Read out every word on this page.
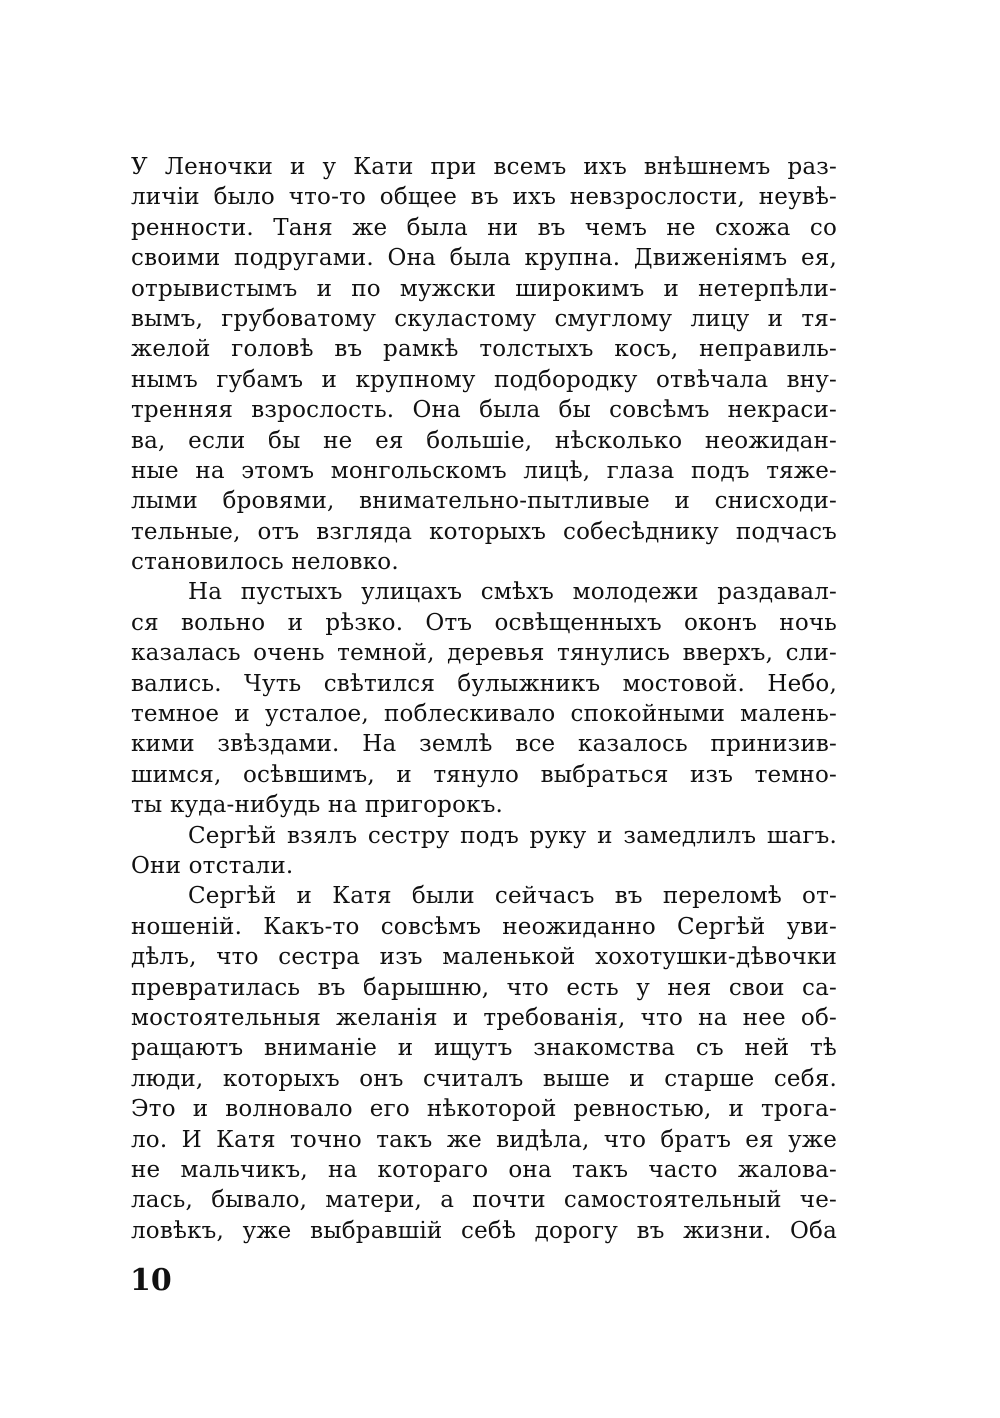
У Леночки и у Кати при всемъ ихъ внѣшнемъ раз-
личіи было что-то общее въ ихъ невзрослости, неувѣ-
ренности. Таня же была ни въ чемъ не схожа со
своими подругами. Она была крупна. Движеніямъ ея,
отрывистымъ и по мужски широкимъ и нетерпѣли-
вымъ, грубоватому скуластому смуглому лицу и тя-
желой головѣ въ рамкѣ толстыхъ косъ, неправиль-
нымъ губамъ и крупному подбородку отвѣчала вну-
тренняя взрослость. Она была бы совсѣмъ некраси-
ва, если бы не ея большіе, нѣсколько неожидан-
ные на этомъ монгольскомъ лицѣ, глаза подъ тяже-
лыми бровями, внимательно-пытливые и снисходи-
тельные, отъ взгляда которыхъ собесѣднику подчасъ
становилось неловко.
На пустыхъ улицахъ смѣхъ молодежи раздавал-
ся вольно и рѣзко. Отъ освѣщенныхъ оконъ ночь
казалась очень темной, деревья тянулись вверхъ, сли-
вались. Чуть свѣтился булыжникъ мостовой. Небо,
темное и усталое, поблескивало спокойными малень-
кими звѣздами. На землѣ все казалось принизив-
шимся, осѣвшимъ, и тянуло выбраться изъ темно-
ты куда-нибудь на пригорокъ.
Сергѣй взялъ сестру подъ руку и замедлилъ шагъ.
Они отстали.
Сергѣй и Катя были сейчасъ въ переломѣ от-
ношеній. Какъ-то совсѣмъ неожиданно Сергѣй уви-
дѣлъ, что сестра изъ маленькой хохотушки-дѣвочки
превратилась въ барышню, что есть у нея свои са-
мостоятельныя желанія и требованія, что на нее об-
ращаютъ вниманіе и ищутъ знакомства съ ней тѣ
люди, которыхъ онъ считалъ выше и старше себя.
Это и волновало его нѣкоторой ревностью, и трога-
ло. И Катя точно такъ же видѣла, что братъ ея уже
не мальчикъ, на котораго она такъ часто жалова-
лась, бывало, матери, а почти самостоятельный че-
ловѣкъ, уже выбравшій себѣ дорогу въ жизни. Оба
10
